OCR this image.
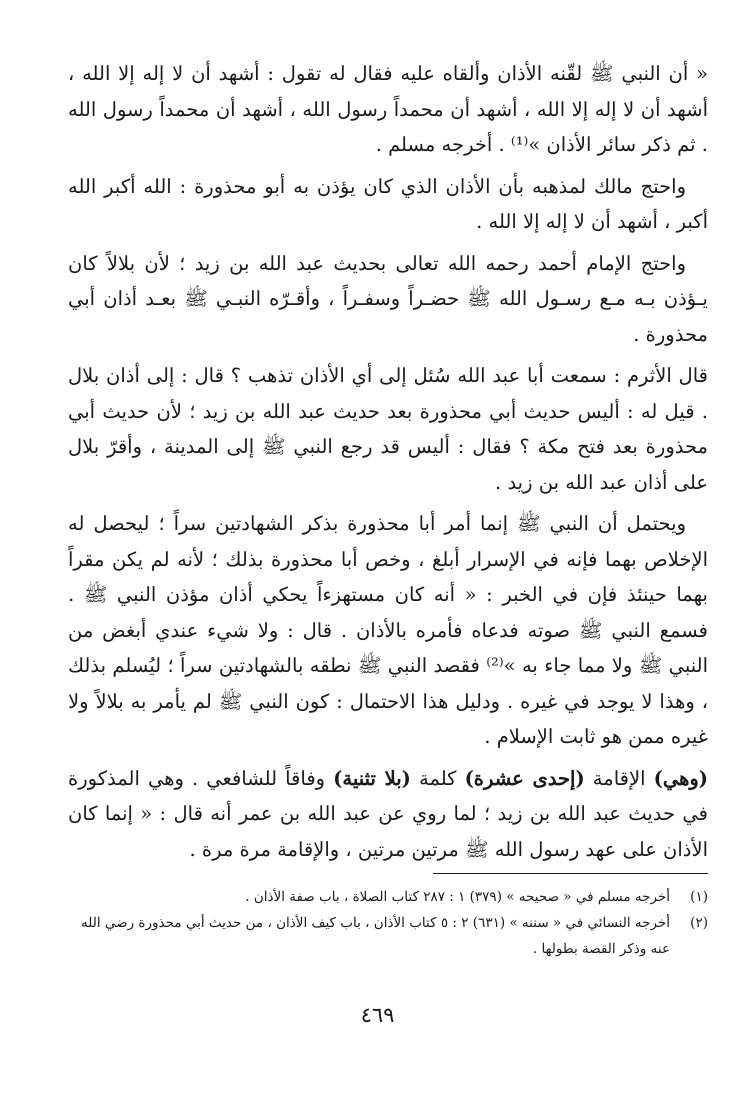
« أن النبي ﷺ لقّنه الأذان وألقاه عليه فقال له تقول : أشهد أن لا إله إلا الله ، أشهد أن لا إله إلا الله ، أشهد أن محمداً رسول الله ، أشهد أن محمداً رسول الله . ثم ذكر سائر الأذان »⁽¹⁾ . أخرجه مسلم .

واحتج مالك لمذهبه بأن الأذان الذي كان يؤذن به أبو محذورة : الله أكبر الله أكبر ، أشهد أن لا إله إلا الله .

واحتج الإمام أحمد رحمه الله تعالى بحديث عبد الله بن زيد ؛ لأن بلالاً كان يـؤذن بـه مـع رسـول الله ﷺ حضـراً وسفـراً ، وأقـرّه النبـي ﷺ بعـد أذان أبي محذورة .

قال الأثرم : سمعت أبا عبد الله سُئل إلى أي الأذان تذهب ؟ قال : إلى أذان بلال . قيل له : أليس حديث أبي محذورة بعد حديث عبد الله بن زيد ؛ لأن حديث أبي محذورة بعد فتح مكة ؟ فقال : أليس قد رجع النبي ﷺ إلى المدينة ، وأقرّ بلال على أذان عبد الله بن زيد .

ويحتمل أن النبي ﷺ إنما أمر أبا محذورة بذكر الشهادتين سراً ؛ ليحصل له الإخلاص بهما فإنه في الإسرار أبلغ ، وخص أبا محذورة بذلك ؛ لأنه لم يكن مقراً بهما حينئذ فإن في الخبر : « أنه كان مستهزءاً يحكي أذان مؤذن النبي ﷺ . فسمع النبي ﷺ صوته فدعاه فأمره بالأذان . قال : ولا شيء عندي أبغض من النبي ﷺ ولا مما جاء به »⁽²⁾ فقصد النبي ﷺ نطقه بالشهادتين سراً ؛ ليُسلم بذلك ، وهذا لا يوجد في غيره . ودليل هذا الاحتمال : كون النبي ﷺ لم يأمر به بلالاً ولا غيره ممن هو ثابت الإسلام .

(وهي) الإقامة (إحدى عشرة) كلمة (بلا تثنية) وفاقاً للشافعي . وهي المذكورة في حديث عبد الله بن زيد ؛ لما روي عن عبد الله بن عمر أنه قال : « إنما كان الأذان على عهد رسول الله ﷺ مرتين مرتين ، والإقامة مرة مرة .

(١)
أخرجه مسلم في « صحيحه » (٣٧٩) ١ : ٢٨٧ كتاب الصلاة ، باب صفة الأذان .
(٢)
أخرجه النسائي في « سننه » (٦٣١) ٢ : ٥ كتاب الأذان ، باب كيف الأذان ، من حديث أبي محذورة رضي الله عنه وذكر القصة بطولها .
٤٦٩
